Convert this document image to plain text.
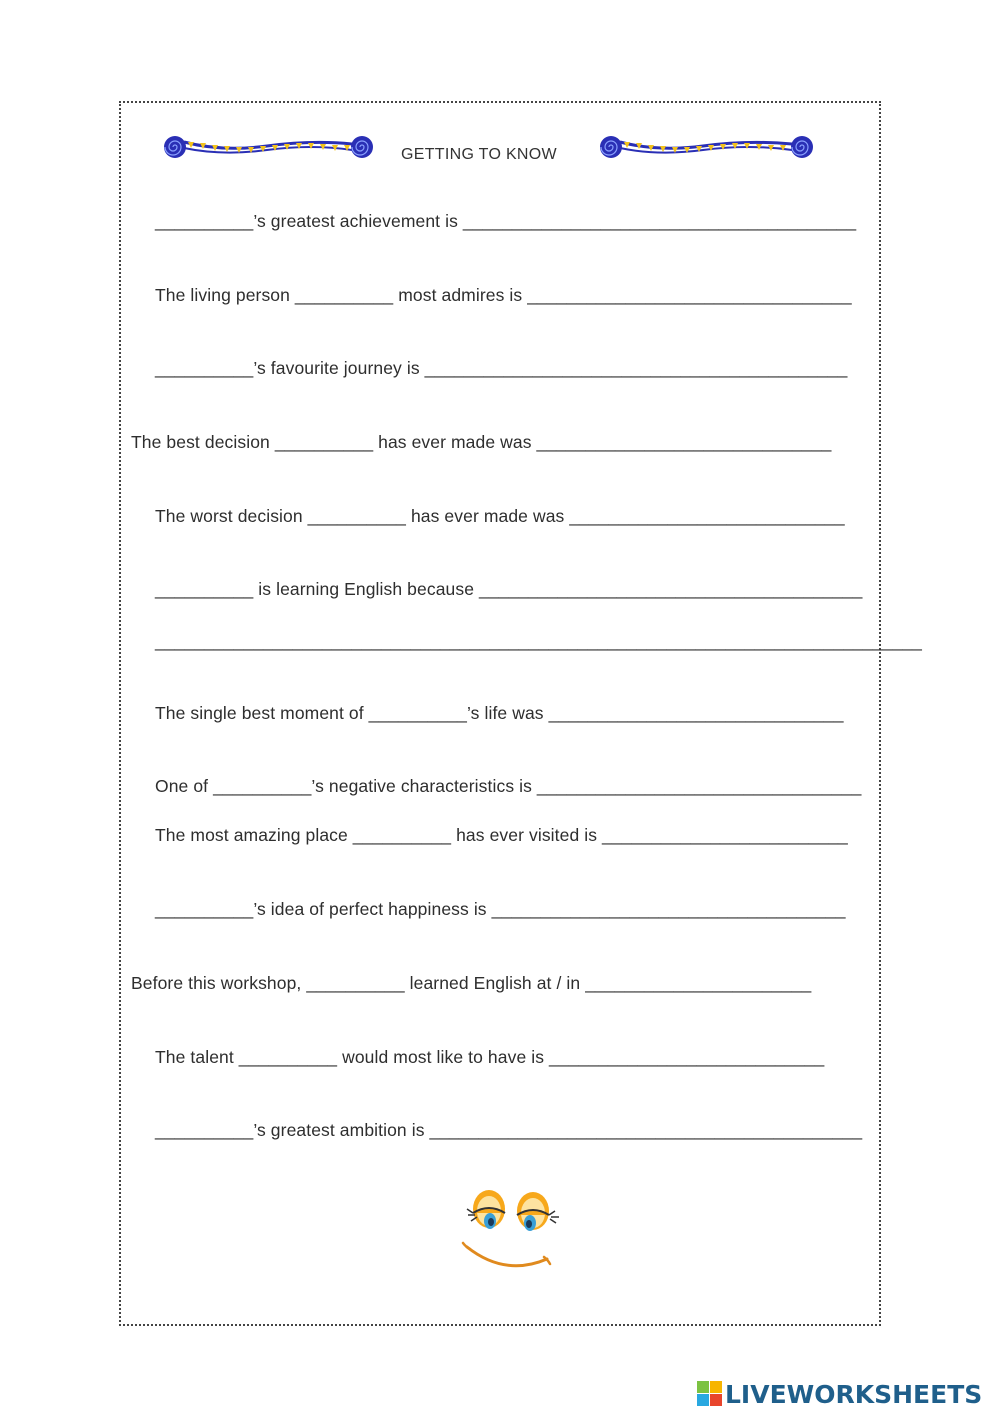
GETTING TO KNOW
__________’s greatest achievement is ________________________________________
The living person __________ most admires is _________________________________
__________’s favourite journey is ___________________________________________
The best decision __________ has ever made was ______________________________
The worst decision __________ has ever made was ____________________________
__________ is learning English because _______________________________________
______________________________________________________________________________
The single best moment of __________’s life was ______________________________
One of __________’s negative characteristics is _________________________________
The most amazing place __________ has ever visited is _________________________
__________’s idea of perfect happiness is ____________________________________
Before this workshop, __________ learned English at / in _______________________
The talent __________ would most like to have is ____________________________
__________’s greatest ambition is ____________________________________________
LIVEWORKSHEETS
